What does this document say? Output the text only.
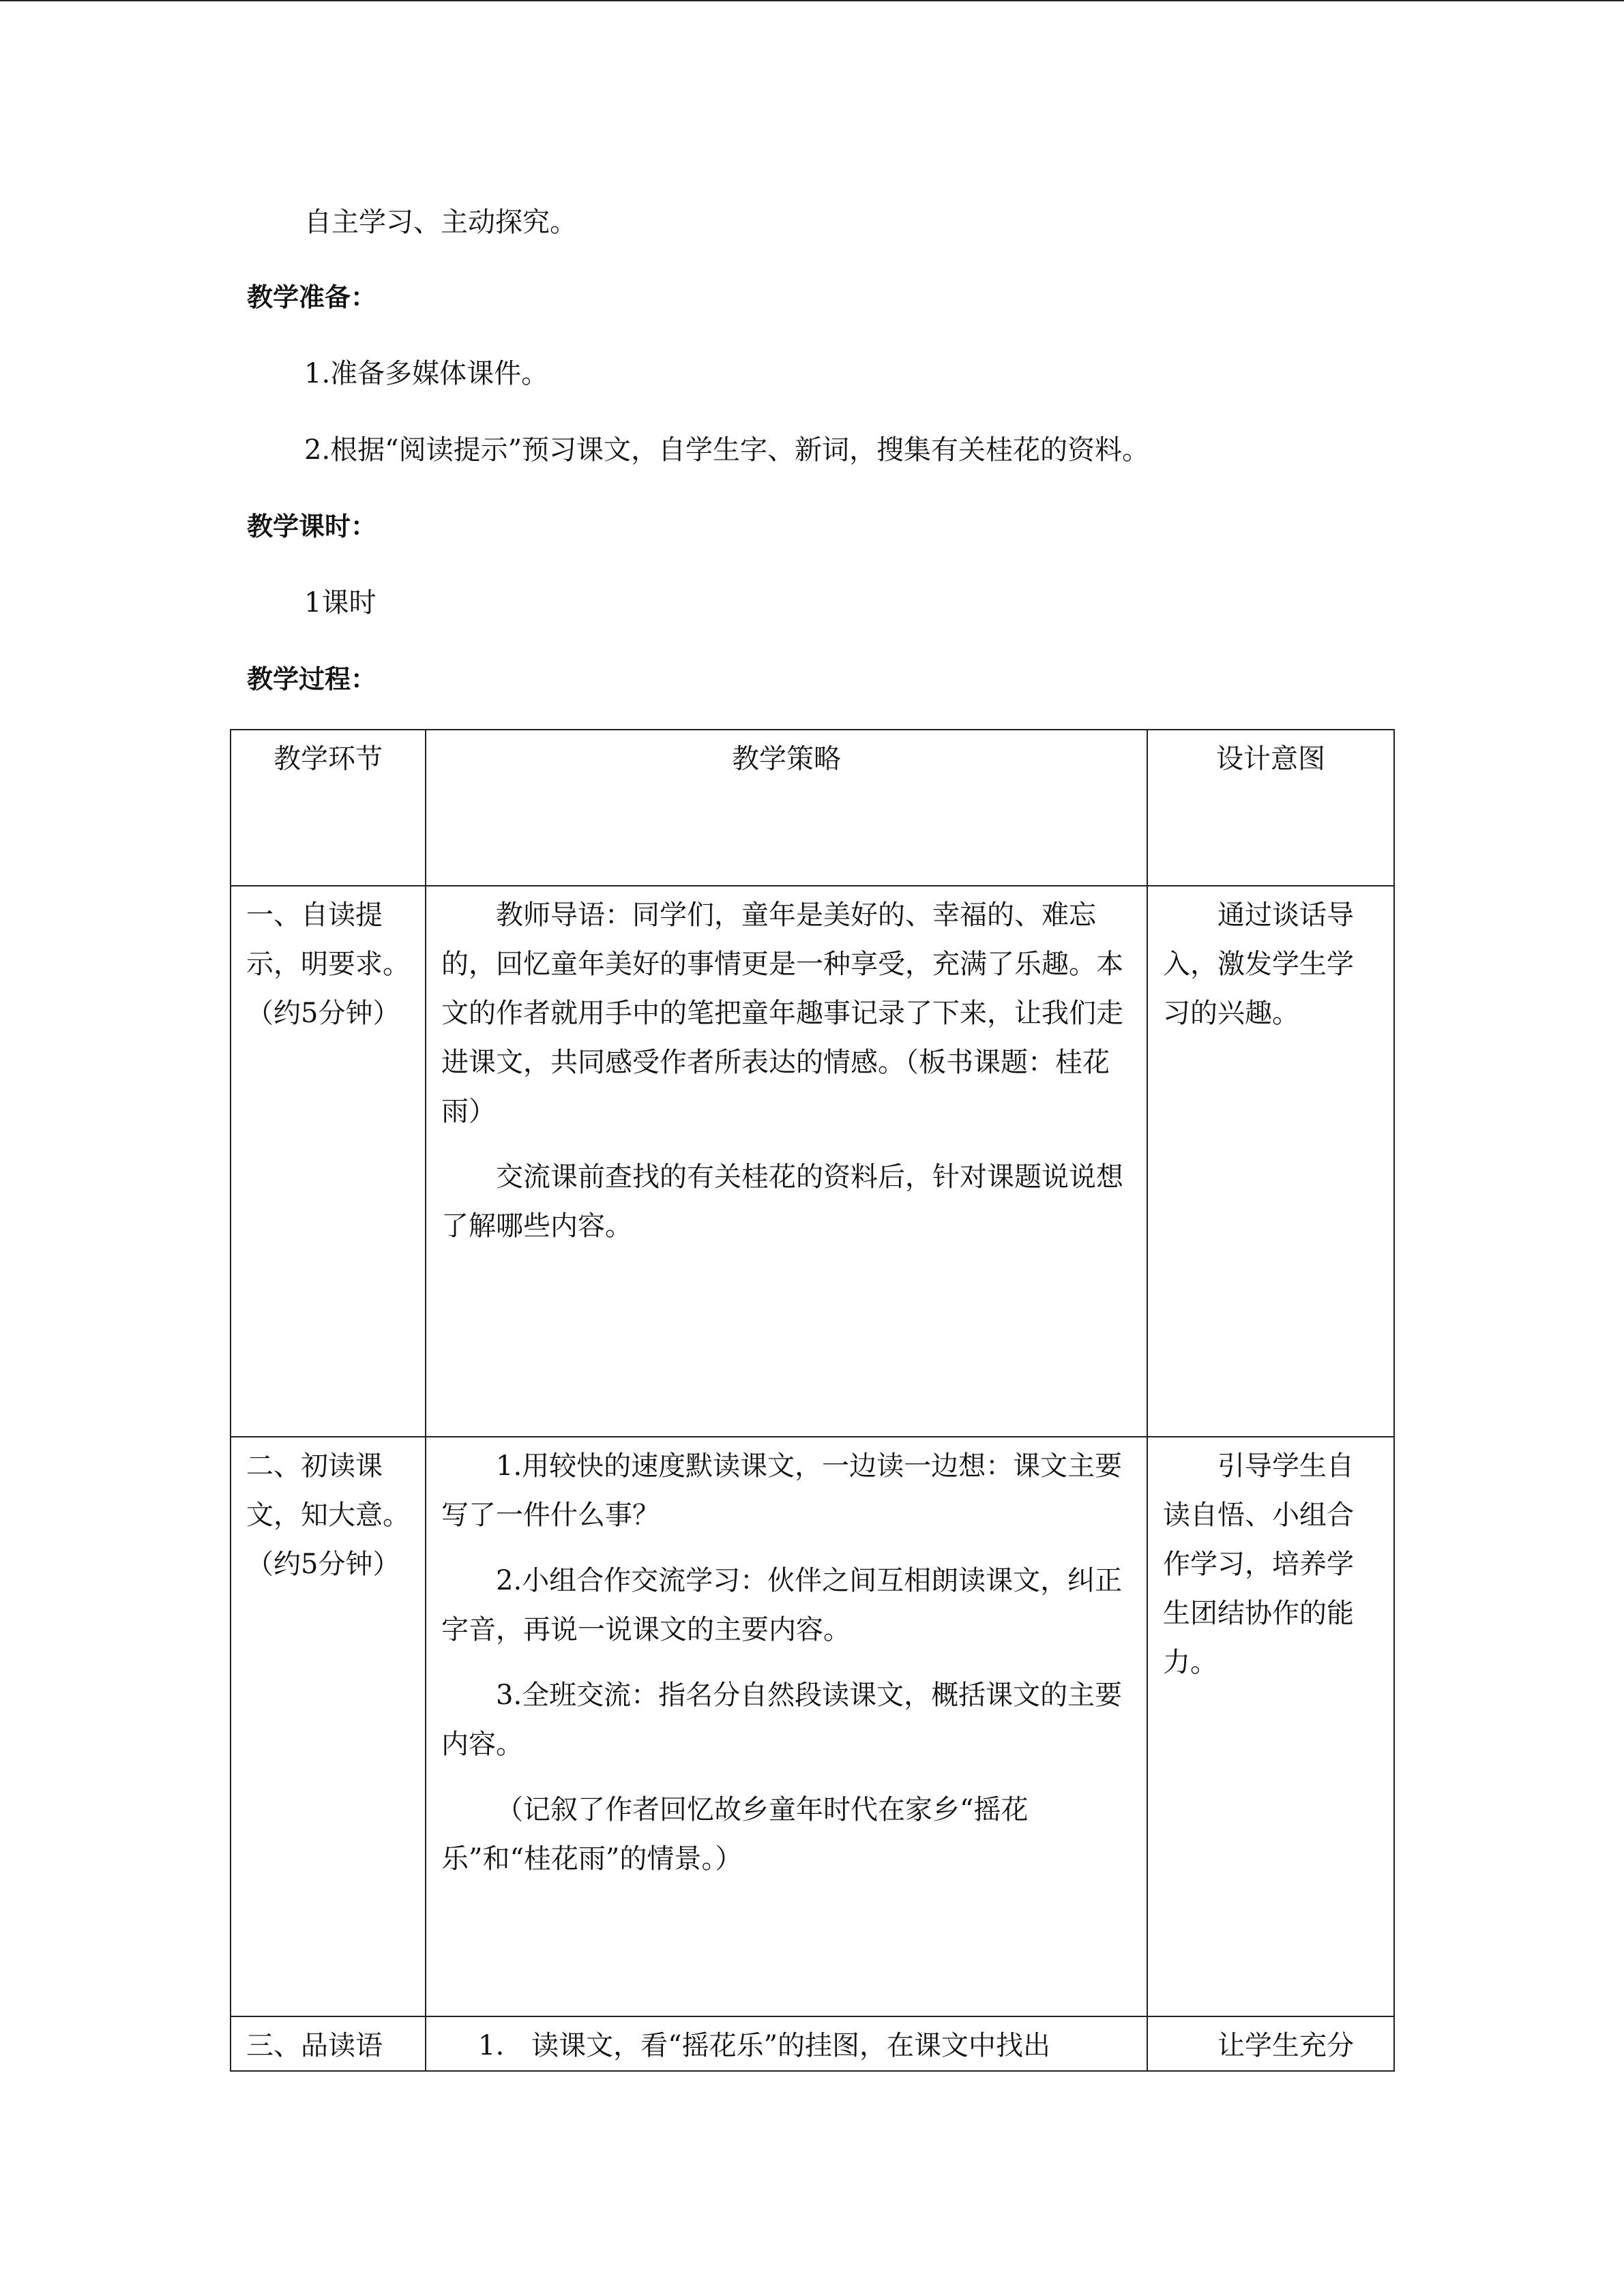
自主学习、主动探究。
教学准备：
1.准备多媒体课件。
2.根据“阅读提示”预习课文，自学生字、新词，搜集有关桂花的资料。
教学课时：
1课时
教学过程：
教学环节	教学策略	设计意图

一、自读提示，明要求。（约5分钟）	教师导语：同学们，童年是美好的、幸福的、难忘的，回忆童年美好的事情更是一种享受，充满了乐趣。本文的作者就用手中的笔把童年趣事记录了下来，让我们走进课文，共同感受作者所表达的情感。（板书课题：桂花雨）

交流课前查找的有关桂花的资料后，针对课题说说想了解哪些内容。	通过谈话导入，激发学生学习的兴趣。

二、初读课文，知大意。（约5分钟）	1.用较快的速度默读课文，一边读一边想：课文主要写了一件什么事？

2.小组合作交流学习：伙伴之间互相朗读课文，纠正字音，再说一说课文的主要内容。

3.全班交流：指名分自然段读课文，概括课文的主要内容。

（记叙了作者回忆故乡童年时代在家乡“摇花乐”和“桂花雨”的情景。）	引导学生自读自悟、小组合作学习，培养学生团结协作的能力。

三、品读语	1.　读课文，看“摇花乐”的挂图，在课文中找出	让学生充分
